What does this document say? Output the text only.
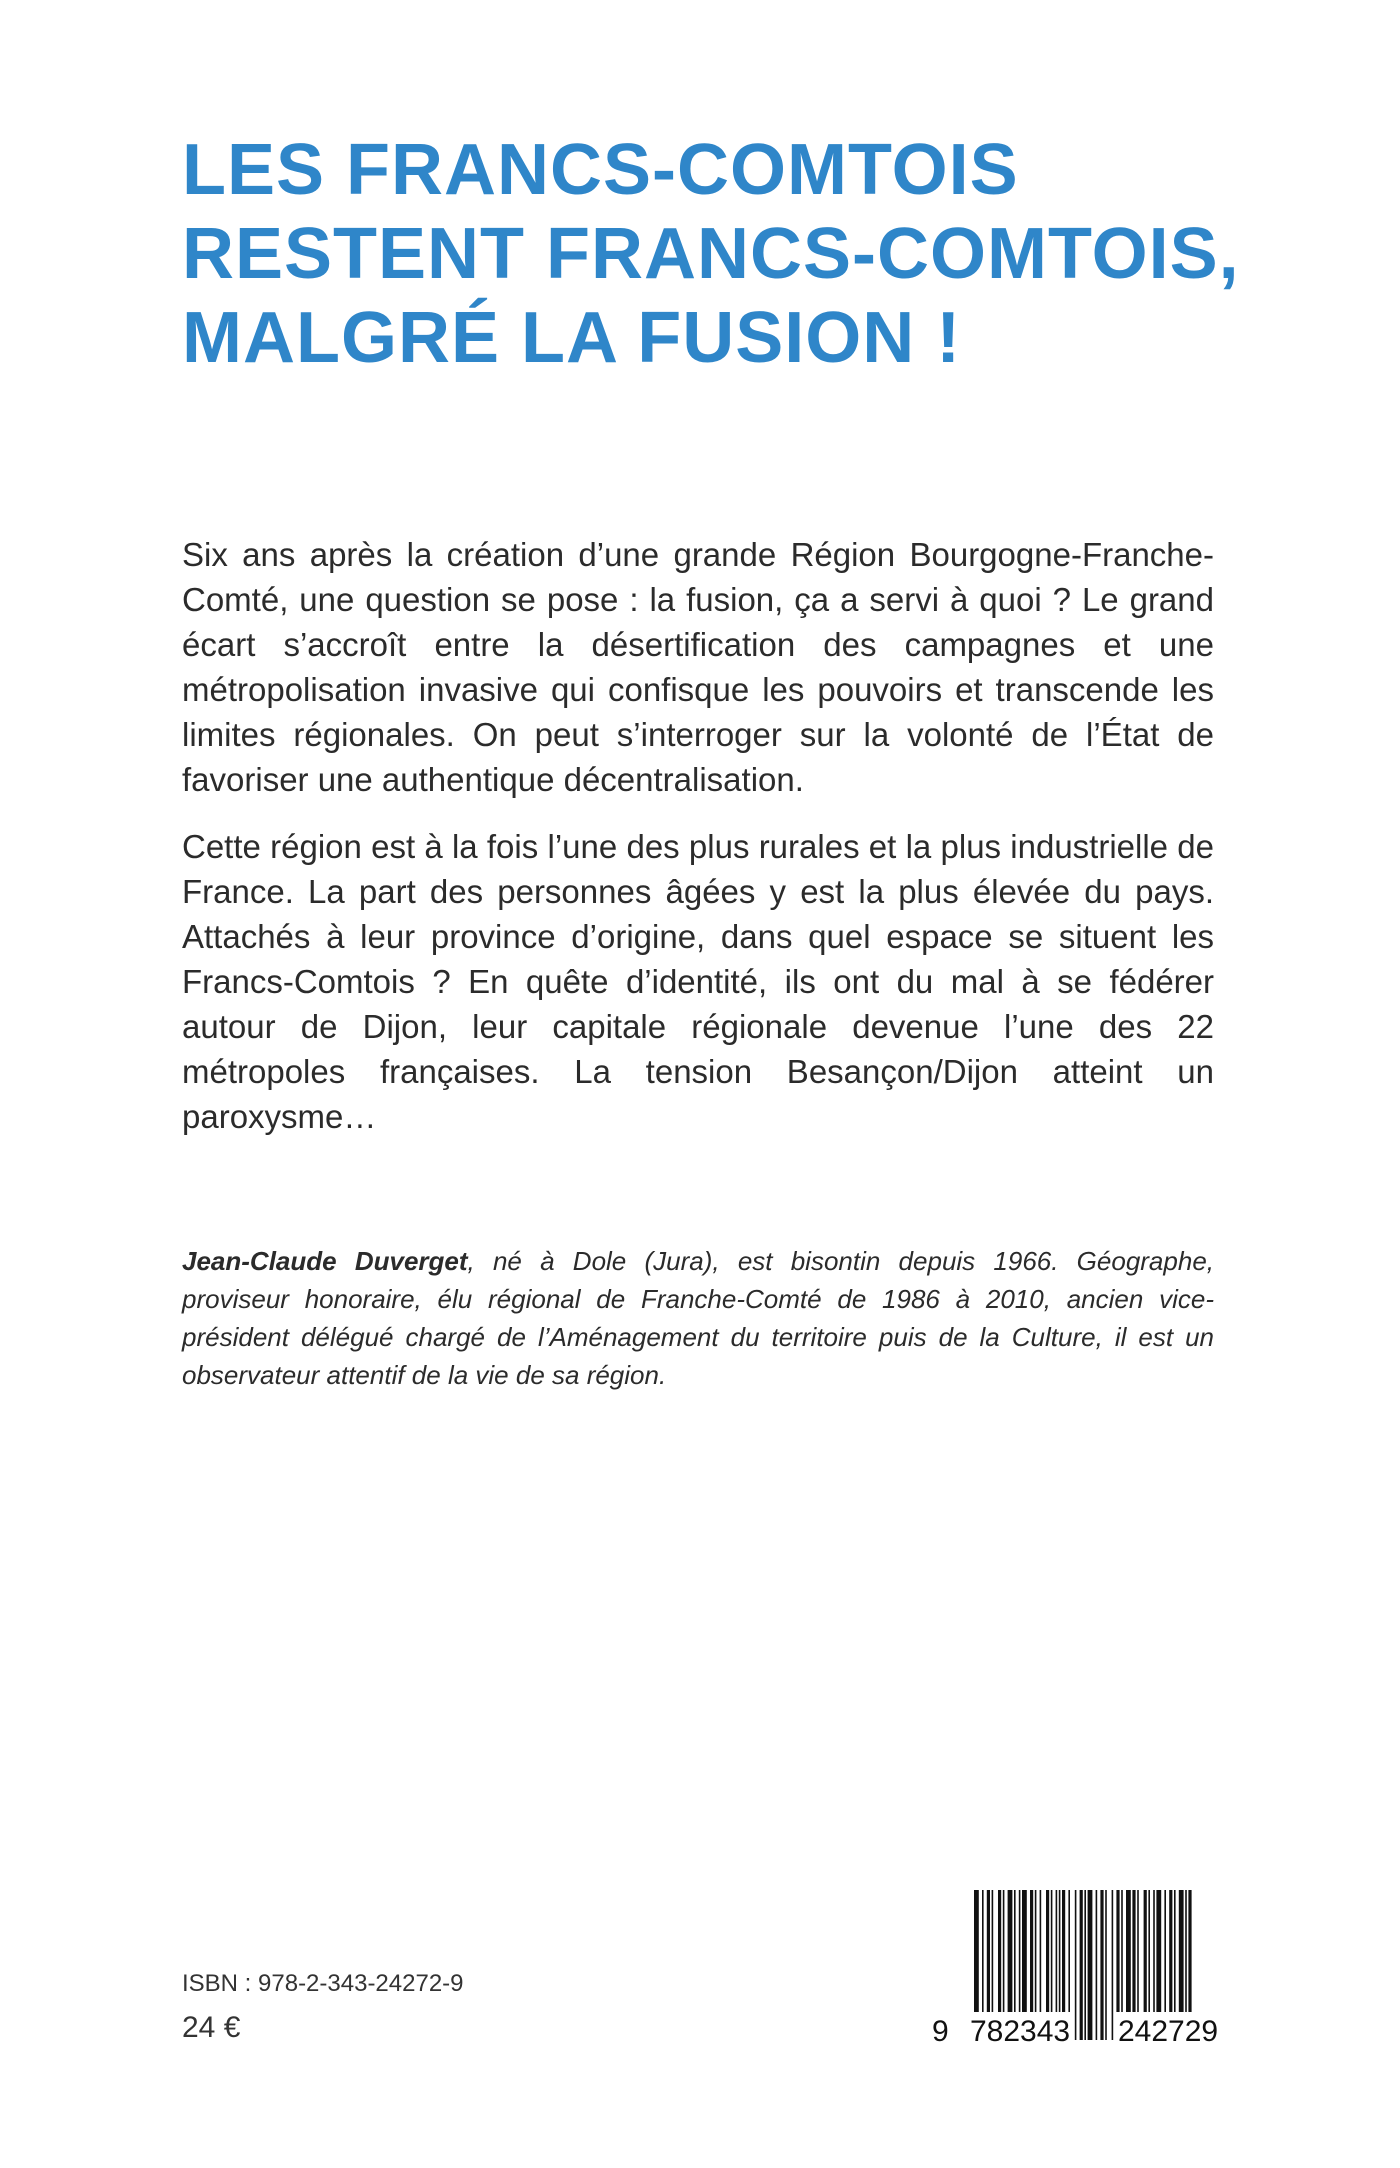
LES FRANCS-COMTOIS
RESTENT FRANCS-COMTOIS,
MALGRÉ LA FUSION !

Six ans après la création d’une grande Région Bourgogne-Franche-Comté, une question se pose : la fusion, ça a servi à quoi ? Le grand écart s’accroît entre la désertification des campagnes et une métropolisation invasive qui confisque les pouvoirs et transcende les limites régionales. On peut s’interroger sur la volonté de l’État de favoriser une authentique décentralisation.

Cette région est à la fois l’une des plus rurales et la plus industrielle de France. La part des personnes âgées y est la plus élevée du pays. Attachés à leur province d’origine, dans quel espace se situent les Francs-Comtois ? En quête d’identité, ils ont du mal à se fédérer autour de Dijon, leur capitale régionale devenue l’une des 22 métropoles françaises. La tension Besançon/Dijon atteint un paroxysme…

Jean-Claude Duverget, né à Dole (Jura), est bisontin depuis 1966. Géographe, proviseur honoraire, élu régional de Franche-Comté de 1986 à 2010, ancien vice-président délégué chargé de l’Aménagement du territoire puis de la Culture, il est un observateur attentif de la vie de sa région.

ISBN : 978-2-343-24272-9
24 €	9 782343 242729
